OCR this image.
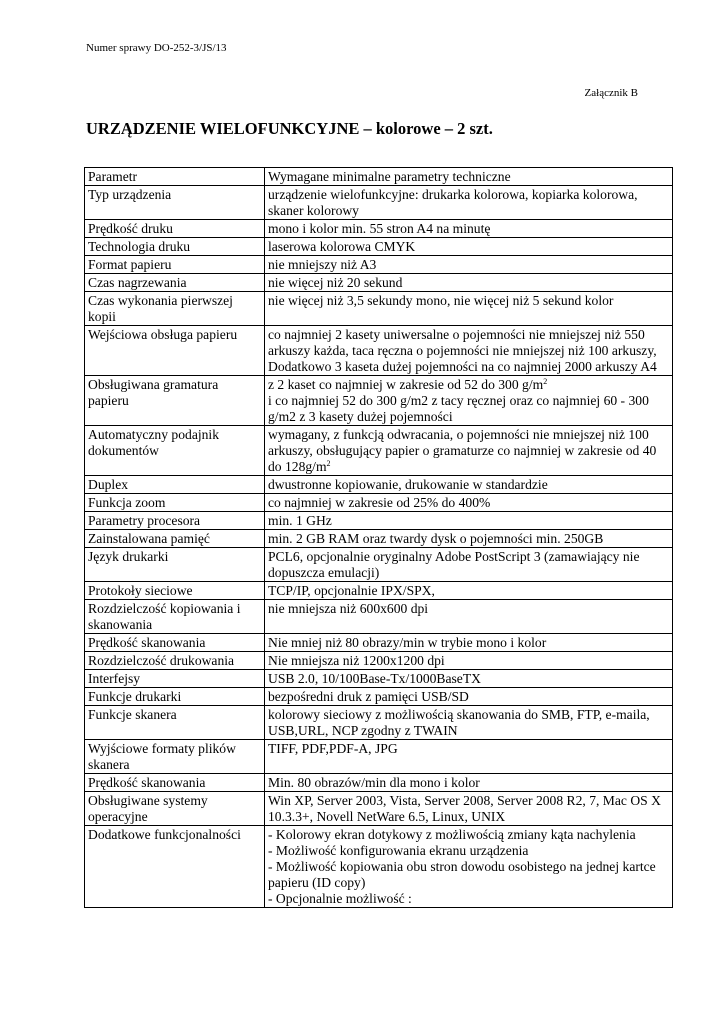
Numer sprawy DO-252-3/JS/13
Załącznik B
URZĄDZENIE WIELOFUNKCYJNE – kolorowe – 2 szt.
Parametr	Wymagane minimalne parametry techniczne
Typ urządzenia	urządzenie wielofunkcyjne: drukarka kolorowa, kopiarka kolorowa, skaner kolorowy
Prędkość druku	mono i kolor min. 55 stron A4 na minutę
Technologia druku	laserowa kolorowa CMYK
Format papieru	nie mniejszy niż A3
Czas nagrzewania	nie więcej niż 20 sekund
Czas wykonania pierwszej kopii	nie więcej niż 3,5 sekundy mono, nie więcej niż 5 sekund kolor
Wejściowa obsługa papieru	co najmniej 2 kasety uniwersalne o pojemności nie mniejszej niż 550 arkuszy każda, taca ręczna o pojemności nie mniejszej niż 100 arkuszy, Dodatkowo 3 kaseta dużej pojemności na co najmniej 2000 arkuszy A4
Obsługiwana gramatura papieru	z 2 kaset co najmniej w zakresie od 52 do 300 $g/m^2$
i co najmniej 52 do 300 g/m2 z tacy ręcznej oraz co najmniej 60 - 300 g/m2 z 3 kasety dużej pojemności
Automatyczny podajnik dokumentów	wymagany, z funkcją odwracania, o pojemności nie mniejszej niż 100 arkuszy, obsługujący papier o gramaturze co najmniej w zakresie od 40 do $128g/m^2$
Duplex	dwustronne kopiowanie, drukowanie w standardzie
Funkcja zoom	co najmniej w zakresie od 25% do 400%
Parametry procesora	min. 1 GHz
Zainstalowana pamięć	min. 2 GB RAM oraz twardy dysk o pojemności min. 250GB
Język drukarki	PCL6, opcjonalnie oryginalny Adobe PostScript 3 (zamawiający nie dopuszcza emulacji)
Protokoły sieciowe	TCP/IP, opcjonalnie IPX/SPX,
Rozdzielczość kopiowania i skanowania	nie mniejsza niż 600x600 dpi
Prędkość skanowania	Nie mniej niż 80 obrazy/min w trybie mono i kolor
Rozdzielczość drukowania	Nie mniejsza niż 1200x1200 dpi
Interfejsy	USB 2.0, 10/100Base-Tx/1000BaseTX
Funkcje drukarki	bezpośredni druk z pamięci USB/SD
Funkcje skanera	kolorowy sieciowy z możliwością skanowania do SMB, FTP, e-maila, USB,URL, NCP zgodny z TWAIN
Wyjściowe formaty plików skanera	TIFF, PDF,PDF-A, JPG
Prędkość skanowania	Min. 80 obrazów/min dla mono i kolor
Obsługiwane systemy operacyjne	Win XP, Server 2003, Vista, Server 2008, Server 2008 R2, 7, Mac OS X 10.3.3+, Novell NetWare 6.5, Linux, UNIX
Dodatkowe funkcjonalności	- Kolorowy ekran dotykowy z możliwością zmiany kąta nachylenia
- Możliwość konfigurowania ekranu urządzenia
- Możliwość kopiowania obu stron dowodu osobistego na jednej kartce papieru (ID copy)
- Opcjonalnie możliwość :
